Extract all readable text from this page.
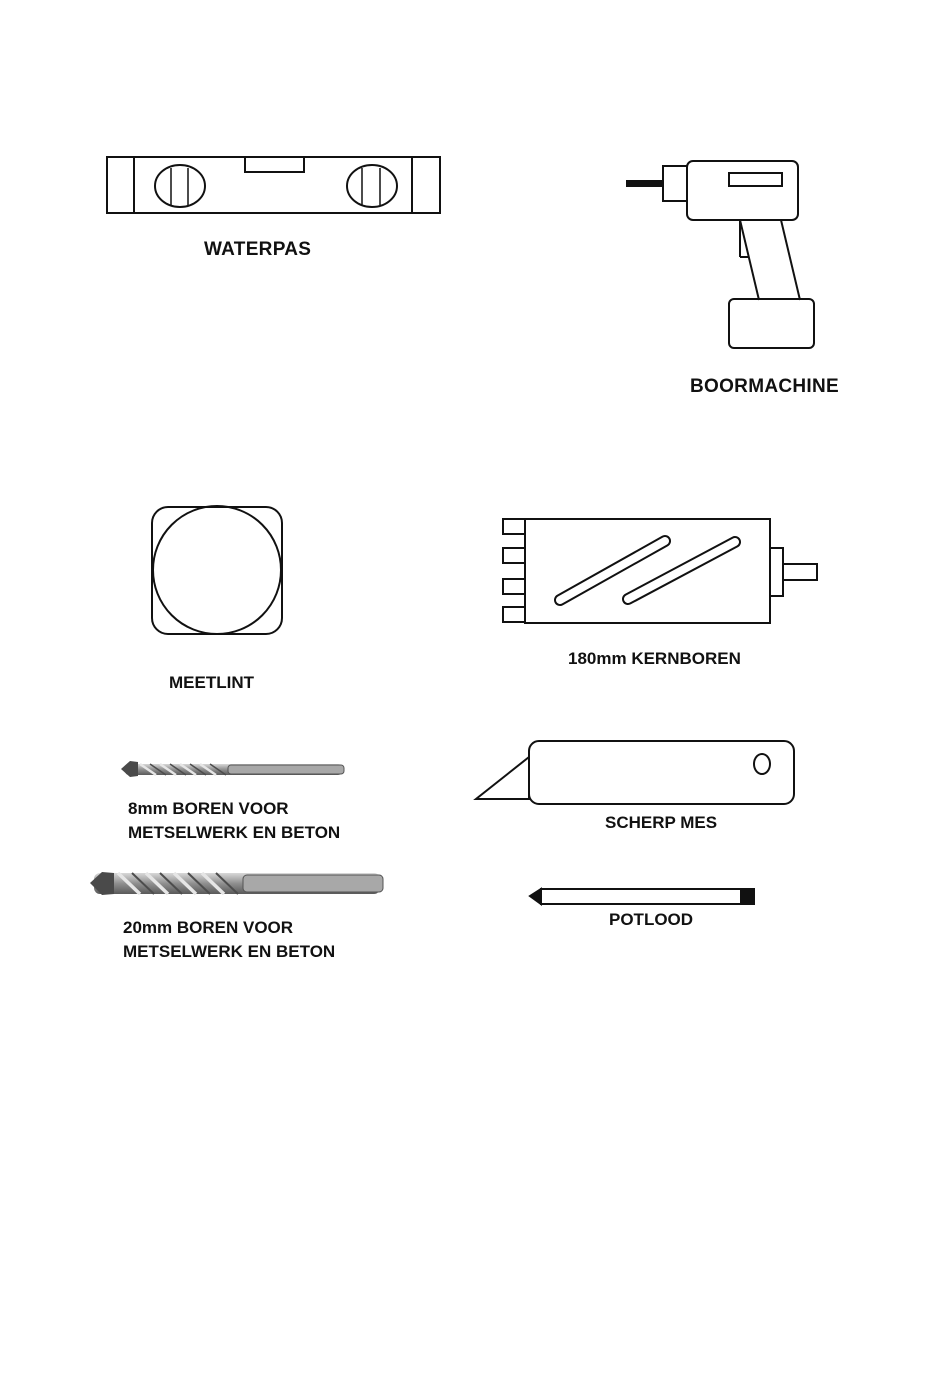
WATERPAS
BOORMACHINE
MEETLINT
180mm KERNBOREN
8mm BOREN VOOR
METSELWERK EN BETON
SCHERP MES
20mm BOREN VOOR
METSELWERK EN BETON
POTLOOD
